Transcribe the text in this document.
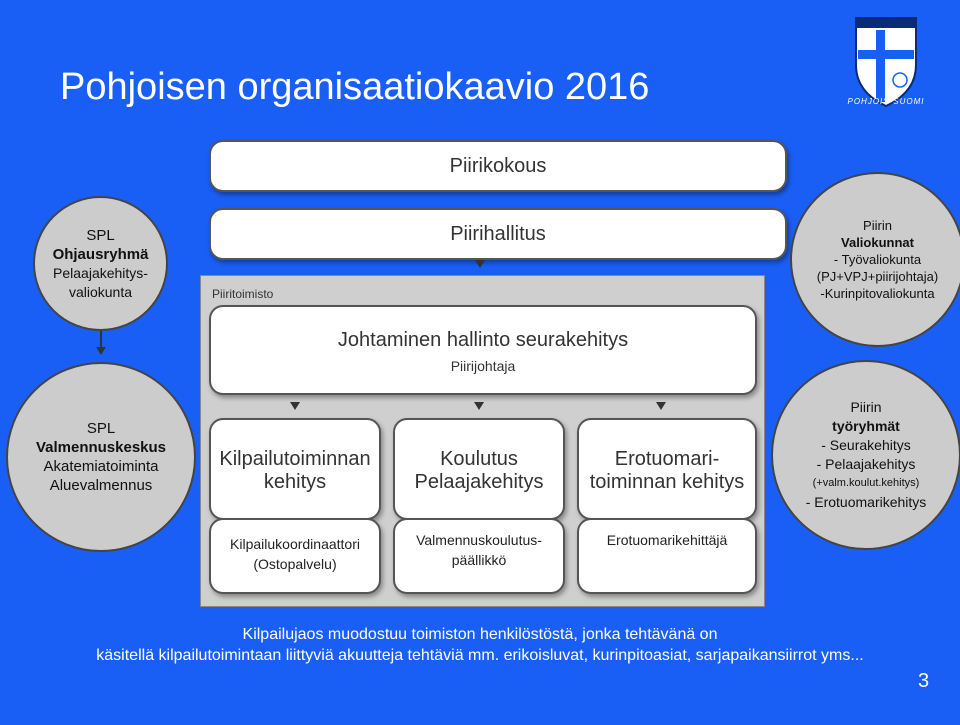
Pohjoisen organisaatiokaavio 2016	POHJOIS-SUOMI
Piirikokous
Piirihallitus
SPL
Ohjausryhmä
Pelaajakehitys-
valiokunta
Piirin
Valiokunnat
- Työvaliokunta
(PJ+VPJ+piirijohtaja)
-Kurinpitovaliokunta
Piiritoimisto
Johtaminen hallinto seurakehitys
Piirijohtaja
SPL
Valmennuskeskus
Akatemiatoiminta
Aluevalmennus
Kilpailutoiminnan
kehitys
Koulutus
Pelaajakehitys
Erotuomari-
toiminnan kehitys
Kilpailukoordinaattori
(Ostopalvelu)
Valmennuskoulutus-
päällikkö
Erotuomarikehittäjä
Piirin
työryhmät
- Seurakehitys
- Pelaajakehitys
(+valm.koulut.kehitys)
- Erotuomarikehitys
Kilpailujaos muodostuu toimiston henkilöstöstä, jonka tehtävänä on
käsitellä kilpailutoimintaan liittyviä akuutteja tehtäviä mm. erikoisluvat, kurinpitoasiat, sarjapaikansiirrot yms...
3
